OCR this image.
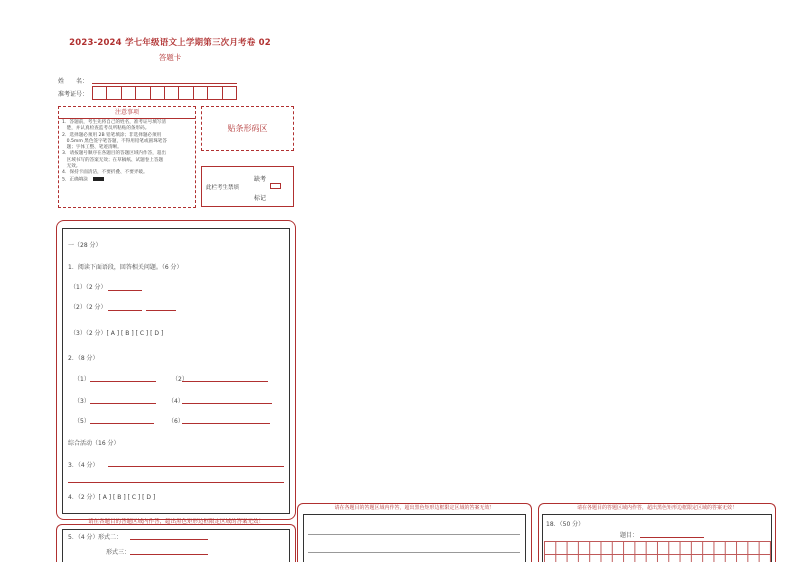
2023-2024 学七年级语文上学期第三次月考卷 02
答题卡
姓　　名：
准考证号：
注意事项
1．答题前，考生先将自己的姓名，准考证号填写清
　楚，并认真检查监考员所粘贴的条形码。
2．选择题必须用 2B 铅笔填涂；非选择题必须用
　0.5mm 黑色签字笔答题，不得用铅笔或圆珠笔答
　题；字体工整、笔迹清晰。
3．请按题号顺序在各题目的答题区域内作答，超出
　区域书写的答案无效；在草稿纸、试题卷上答题
　无效。
4．保持卡面清洁，不要折叠、不要弄破。
5．正确填涂
贴条形码区
缺考
此栏考生禁填
标记
一（28 分）
1．阅读下面语段，回答相关问题。（6 分）
（1）（2 分）
（2）（2 分）
（3）（2 分）[ A ] [ B ] [ C ] [ D ]
2．（8 分）
（1）	（2）
（3）	（4）
（5）	（6）
综合活动（16 分）
3．（4 分）
4．（2 分）[ A ] [ B ] [ C ] [ D ]
请在各题目的答题区域内作答，超出黑色矩形边框限定区域的答案无效！
5．（4 分） 形式二：
形式三：
请在各题目的答题区域内作答，超出黑色矩形边框限定区域的答案无效！	请在各题目的答题区域内作答，超出黑色矩形边框限定区域的答案无效！
18．（50 分）
题目：
